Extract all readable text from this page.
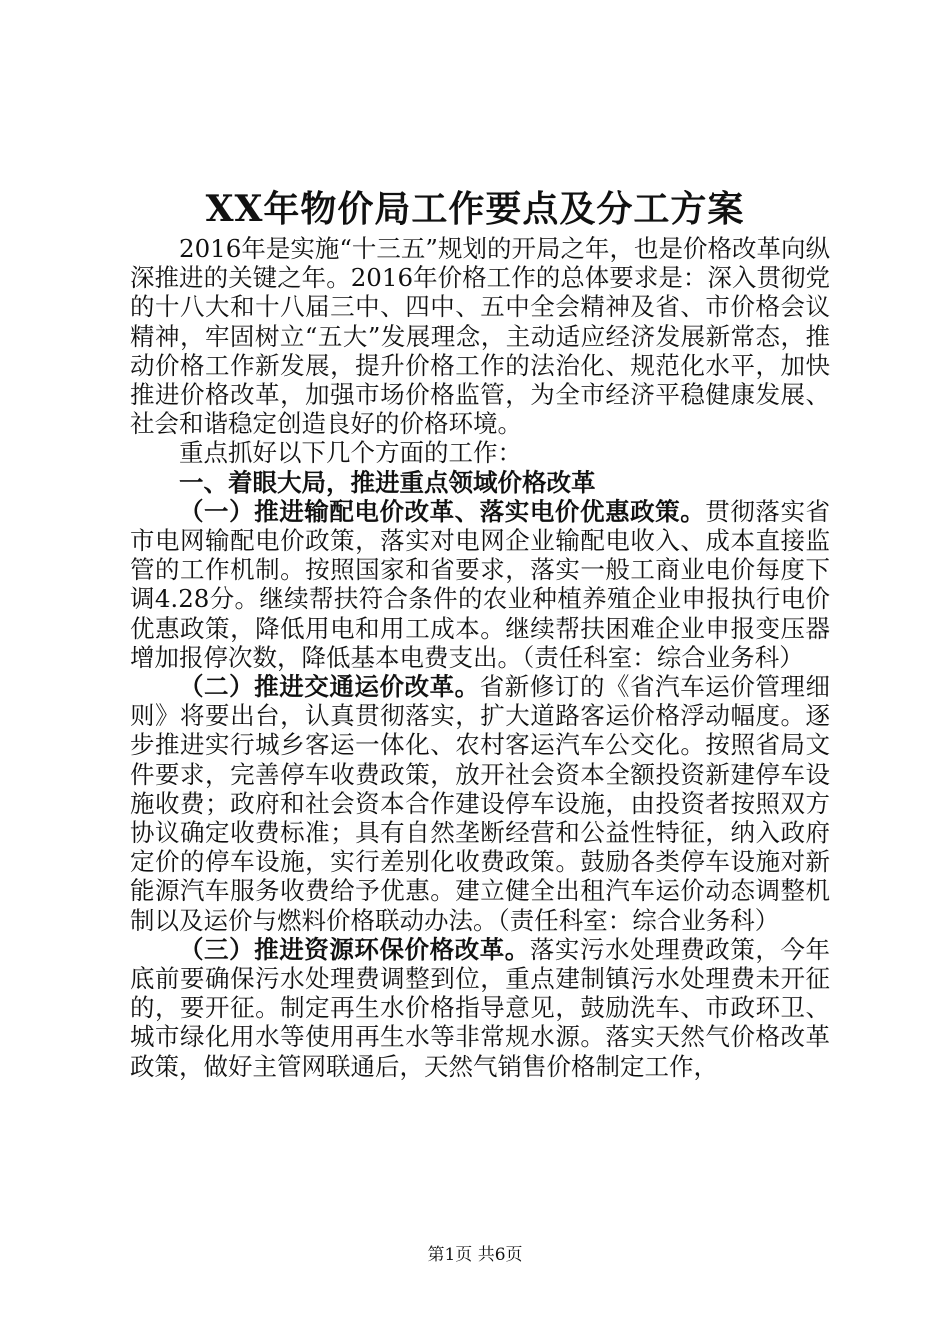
XX年物价局工作要点及分工方案

2016年是实施“十三五”规划的开局之年，也是价格改革向纵深推进的关键之年。2016年价格工作的总体要求是：深入贯彻党的十八大和十八届三中、四中、五中全会精神及省、市价格会议精神，牢固树立“五大”发展理念，主动适应经济发展新常态，推动价格工作新发展，提升价格工作的法治化、规范化水平，加快推进价格改革，加强市场价格监管，为全市经济平稳健康发展、社会和谐稳定创造良好的价格环境。

重点抓好以下几个方面的工作：

一、着眼大局，推进重点领域价格改革

（一）推进输配电价改革、落实电价优惠政策。贯彻落实省市电网输配电价政策，落实对电网企业输配电收入、成本直接监管的工作机制。按照国家和省要求，落实一般工商业电价每度下调4.28分。继续帮扶符合条件的农业种植养殖企业申报执行电价优惠政策，降低用电和用工成本。继续帮扶困难企业申报变压器增加报停次数，降低基本电费支出。（责任科室：综合业务科）

（二）推进交通运价改革。省新修订的《省汽车运价管理细则》将要出台，认真贯彻落实，扩大道路客运价格浮动幅度。逐步推进实行城乡客运一体化、农村客运汽车公交化。按照省局文件要求，完善停车收费政策，放开社会资本全额投资新建停车设施收费；政府和社会资本合作建设停车设施，由投资者按照双方协议确定收费标准；具有自然垄断经营和公益性特征，纳入政府定价的停车设施，实行差别化收费政策。鼓励各类停车设施对新能源汽车服务收费给予优惠。建立健全出租汽车运价动态调整机制以及运价与燃料价格联动办法。（责任科室：综合业务科）

（三）推进资源环保价格改革。落实污水处理费政策，今年底前要确保污水处理费调整到位，重点建制镇污水处理费未开征的，要开征。制定再生水价格指导意见，鼓励洗车、市政环卫、城市绿化用水等使用再生水等非常规水源。落实天然气价格改革政策，做好主管网联通后，天然气销售价格制定工作，

第1页 共6页
